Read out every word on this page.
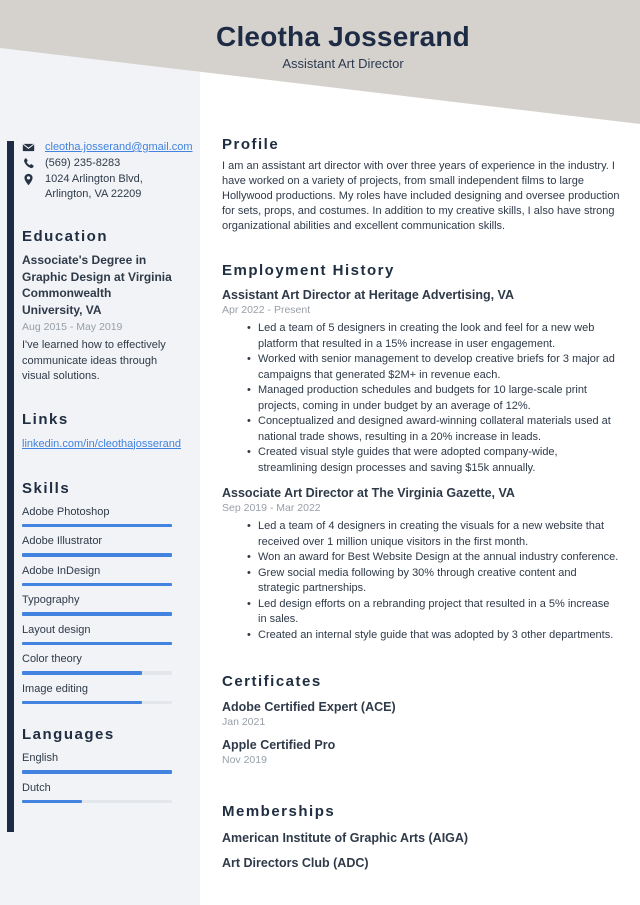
Cleotha Josserand
Assistant Art Director
cleotha.josserand@gmail.com
(569) 235-8283
1024 Arlington Blvd,
Arlington, VA 22209
Education
Associate's Degree in Graphic Design at Virginia Commonwealth University, VA
Aug 2015 - May 2019
I've learned how to effectively communicate ideas through visual solutions.
Links
linkedin.com/in/cleothajosserand
Skills
Adobe Photoshop
Adobe Illustrator
Adobe InDesign
Typography
Layout design
Color theory
Image editing
Languages
English
Dutch
Profile
I am an assistant art director with over three years of experience in the industry. I have worked on a variety of projects, from small independent films to large Hollywood productions. My roles have included designing and oversee production for sets, props, and costumes. In addition to my creative skills, I also have strong organizational abilities and excellent communication skills.
Employment History
Assistant Art Director at Heritage Advertising, VA
Apr 2022 - Present
• Led a team of 5 designers in creating the look and feel for a new web platform that resulted in a 15% increase in user engagement.
• Worked with senior management to develop creative briefs for 3 major ad campaigns that generated $2M+ in revenue each.
• Managed production schedules and budgets for 10 large-scale print projects, coming in under budget by an average of 12%.
• Conceptualized and designed award-winning collateral materials used at national trade shows, resulting in a 20% increase in leads.
• Created visual style guides that were adopted company-wide, streamlining design processes and saving $15k annually.
Associate Art Director at The Virginia Gazette, VA
Sep 2019 - Mar 2022
• Led a team of 4 designers in creating the visuals for a new website that received over 1 million unique visitors in the first month.
• Won an award for Best Website Design at the annual industry conference.
• Grew social media following by 30% through creative content and strategic partnerships.
• Led design efforts on a rebranding project that resulted in a 5% increase in sales.
• Created an internal style guide that was adopted by 3 other departments.
Certificates
Adobe Certified Expert (ACE)
Jan 2021
Apple Certified Pro
Nov 2019
Memberships
American Institute of Graphic Arts (AIGA)
Art Directors Club (ADC)
